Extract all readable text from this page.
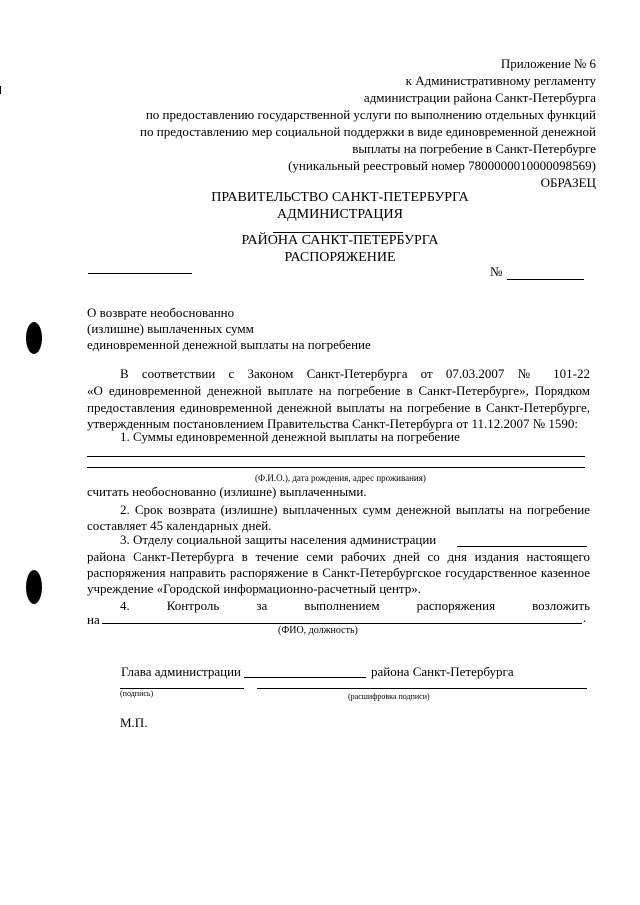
Приложение № 6
к Административному регламенту
администрации района Санкт-Петербурга
по предоставлению государственной услуги по выполнению отдельных функций
по предоставлению мер социальной поддержки в виде единовременной денежной
выплаты на погребение в Санкт-Петербурге
(уникальный реестровый номер 7800000010000098569)
ОБРАЗЕЦ
ПРАВИТЕЛЬСТВО САНКТ-ПЕТЕРБУРГА
АДМИНИСТРАЦИЯ
РАЙОНА САНКТ-ПЕТЕРБУРГА
РАСПОРЯЖЕНИЕ
№
О возврате необоснованно
(излишне) выплаченных сумм
единовременной денежной выплаты на погребение
В соответствии с Законом Санкт-Петербурга от 07.03.2007 № 101-22
«О единовременной денежной выплате на погребение в Санкт-Петербурге», Порядком
предоставления единовременной денежной выплаты на погребение в Санкт-Петербурге,
утвержденным постановлением Правительства Санкт-Петербурга от 11.12.2007 № 1590:
1. Суммы единовременной денежной выплаты на погребение
(Ф.И.О.), дата рождения, адрес проживания)
считать необоснованно (излишне) выплаченными.
2. Срок возврата (излишне) выплаченных сумм денежной выплаты на погребение
составляет 45 календарных дней.
3. Отделу социальной защиты населения администрации
района Санкт-Петербурга в течение семи рабочих дней со дня издания настоящего
распоряжения направить распоряжение в Санкт-Петербургское государственное казенное
учреждение «Городской информационно-расчетный центр».
4. Контроль за выполнением распоряжения возложить
на	.
(ФИО, должность)
Глава администрации	района Санкт-Петербурга
(подпись)	(расшифровка подписи)
М.П.
